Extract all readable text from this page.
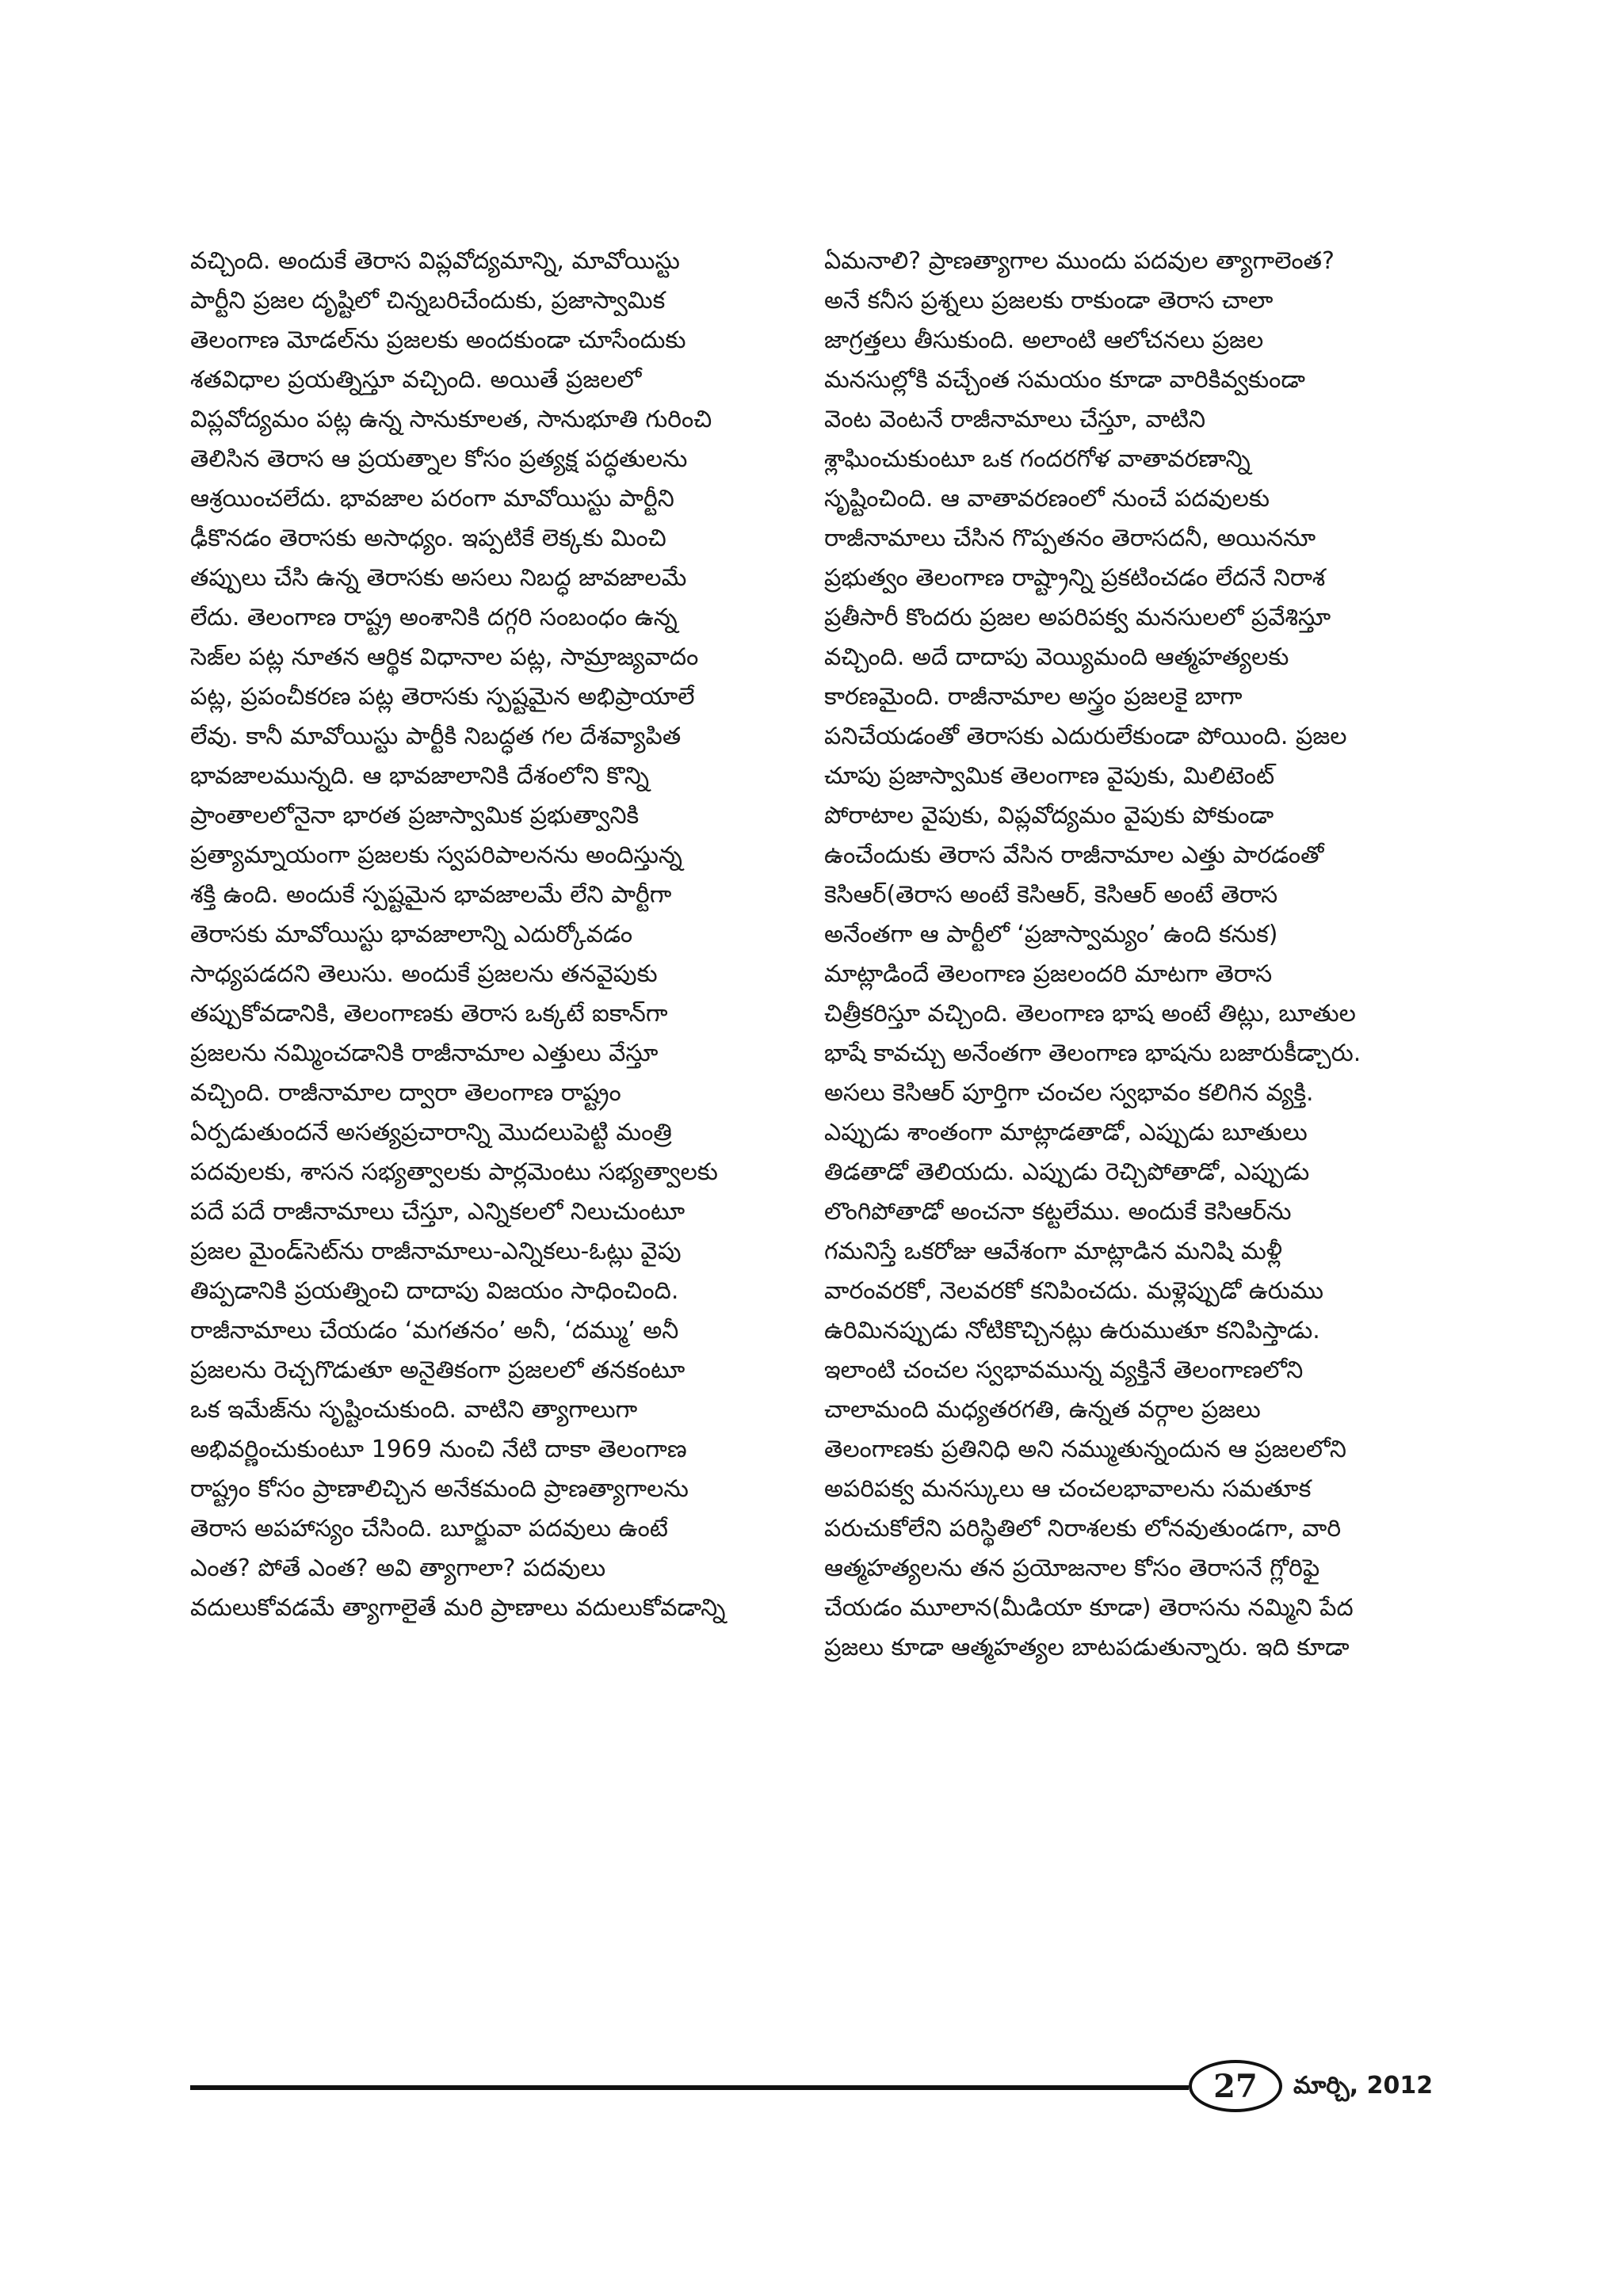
వచ్చింది. అందుకే తెరాస విప్లవోద్యమాన్ని, మావోయిస్టు
పార్టీని ప్రజల దృష్టిలో చిన్నబరిచేందుకు, ప్రజాస్వామిక
తెలంగాణ మోడల్‌ను ప్రజలకు అందకుండా చూసేందుకు
శతవిధాల ప్రయత్నిస్తూ వచ్చింది. అయితే ప్రజలలో
విప్లవోద్యమం పట్ల ఉన్న సానుకూలత, సానుభూతి గురించి
తెలిసిన తెరాస ఆ ప్రయత్నాల కోసం ప్రత్యక్ష పద్ధతులను
ఆశ్రయించలేదు. భావజాల పరంగా మావోయిస్టు పార్టీని
ఢీకొనడం తెరాసకు అసాధ్యం. ఇప్పటికే లెక్కకు మించి
తప్పులు చేసి ఉన్న తెరాసకు అసలు నిబద్ధ జావజాలమే
లేదు. తెలంగాణ రాష్ట్ర అంశానికి దగ్గరి సంబంధం ఉన్న
సెజ్‌ల పట్ల నూతన ఆర్థిక విధానాల పట్ల, సామ్రాజ్యవాదం
పట్ల, ప్రపంచీకరణ పట్ల తెరాసకు స్పష్టమైన అభిప్రాయాలే
లేవు. కానీ మావోయిస్టు పార్టీకి నిబద్ధత గల దేశవ్యాపిత
భావజాలమున్నది. ఆ భావజాలానికి దేశంలోని కొన్ని
ప్రాంతాలలోనైనా భారత ప్రజాస్వామిక ప్రభుత్వానికి
ప్రత్యామ్నాయంగా ప్రజలకు స్వపరిపాలనను అందిస్తున్న
శక్తి ఉంది. అందుకే స్పష్టమైన భావజాలమే లేని పార్టీగా
తెరాసకు మావోయిస్టు భావజాలాన్ని ఎదుర్కోవడం
సాధ్యపడదని తెలుసు. అందుకే ప్రజలను తనవైపుకు
తప్పుకోవడానికి, తెలంగాణకు తెరాస ఒక్కటే ఐకాన్‌గా
ప్రజలను నమ్మించడానికి రాజీనామాల ఎత్తులు వేస్తూ
వచ్చింది. రాజీనామాల ద్వారా తెలంగాణ రాష్ట్రం
ఏర్పడుతుందనే అసత్యప్రచారాన్ని మొదలుపెట్టి మంత్రి
పదవులకు, శాసన సభ్యత్వాలకు పార్లమెంటు సభ్యత్వాలకు
పదే పదే రాజీనామాలు చేస్తూ, ఎన్నికలలో నిలుచుంటూ
ప్రజల మైండ్‌సెట్‌ను రాజీనామాలు-ఎన్నికలు-ఓట్లు వైపు
తిప్పడానికి ప్రయత్నించి దాదాపు విజయం సాధించింది.
రాజీనామాలు చేయడం ‘మగతనం’ అనీ, ‘దమ్ము’ అనీ
ప్రజలను రెచ్చగొడుతూ అనైతికంగా ప్రజలలో తనకంటూ
ఒక ఇమేజ్‌ను సృష్టించుకుంది. వాటిని త్యాగాలుగా
అభివర్ణించుకుంటూ 1969 నుంచి నేటి దాకా తెలంగాణ
రాష్ట్రం కోసం ప్రాణాలిచ్చిన అనేకమంది ప్రాణత్యాగాలను
తెరాస అపహాస్యం చేసింది. బూర్జువా పదవులు ఉంటే
ఎంత? పోతే ఎంత? అవి త్యాగాలా? పదవులు
వదులుకోవడమే త్యాగాలైతే మరి ప్రాణాలు వదులుకోవడాన్ని
ఏమనాలి? ప్రాణత్యాగాల ముందు పదవుల త్యాగాలెంత?
అనే కనీస ప్రశ్నలు ప్రజలకు రాకుండా తెరాస చాలా
జాగ్రత్తలు తీసుకుంది. అలాంటి ఆలోచనలు ప్రజల
మనసుల్లోకి వచ్చేంత సమయం కూడా వారికివ్వకుండా
వెంట వెంటనే రాజీనామాలు చేస్తూ, వాటిని
శ్లాఘించుకుంటూ ఒక గందరగోళ వాతావరణాన్ని
సృష్టించింది. ఆ వాతావరణంలో నుంచే పదవులకు
రాజీనామాలు చేసిన గొప్పతనం తెరాసదనీ, అయిననూ
ప్రభుత్వం తెలంగాణ రాష్ట్రాన్ని ప్రకటించడం లేదనే నిరాశ
ప్రతీసారీ కొందరు ప్రజల అపరిపక్వ మనసులలో ప్రవేశిస్తూ
వచ్చింది. అదే దాదాపు వెయ్యిమంది ఆత్మహత్యలకు
కారణమైంది. రాజీనామాల అస్త్రం ప్రజలకై బాగా
పనిచేయడంతో తెరాసకు ఎదురులేకుండా పోయింది. ప్రజల
చూపు ప్రజాస్వామిక తెలంగాణ వైపుకు, మిలిటెంట్
పోరాటాల వైపుకు, విప్లవోద్యమం వైపుకు పోకుండా
ఉంచేందుకు తెరాస వేసిన రాజీనామాల ఎత్తు పారడంతో
కెసిఆర్(తెరాస అంటే కెసిఆర్, కెసిఆర్ అంటే తెరాస
అనేంతగా ఆ పార్టీలో ‘ప్రజాస్వామ్యం’ ఉంది కనుక)
మాట్లాడిందే తెలంగాణ ప్రజలందరి మాటగా తెరాస
చిత్రీకరిస్తూ వచ్చింది. తెలంగాణ భాష అంటే తిట్లు, బూతుల
భాషే కావచ్చు అనేంతగా తెలంగాణ భాషను బజారుకీడ్చారు.
అసలు కెసిఆర్ పూర్తిగా చంచల స్వభావం కలిగిన వ్యక్తి.
ఎప్పుడు శాంతంగా మాట్లాడతాడో, ఎప్పుడు బూతులు
తిడతాడో తెలియదు. ఎప్పుడు రెచ్చిపోతాడో, ఎప్పుడు
లొంగిపోతాడో అంచనా కట్టలేము. అందుకే కెసిఆర్‌ను
గమనిస్తే ఒకరోజు ఆవేశంగా మాట్లాడిన మనిషి మళ్లీ
వారంవరకో, నెలవరకో కనిపించదు. మళ్లెప్పుడో ఉరుము
ఉరిమినప్పుడు నోటికొచ్చినట్లు ఉరుముతూ కనిపిస్తాడు.
ఇలాంటి చంచల స్వభావమున్న వ్యక్తినే తెలంగాణలోని
చాలామంది మధ్యతరగతి, ఉన్నత వర్గాల ప్రజలు
తెలంగాణకు ప్రతినిధి అని నమ్ముతున్నందున ఆ ప్రజలలోని
అపరిపక్వ మనస్కులు ఆ చంచలభావాలను సమతూక
పరుచుకోలేని పరిస్థితిలో నిరాశలకు లోనవుతుండగా, వారి
ఆత్మహత్యలను తన ప్రయోజనాల కోసం తెరాసనే గ్లోరిఫై
చేయడం మూలాన(మీడియా కూడా) తెరాసను నమ్మిని పేద
ప్రజలు కూడా ఆత్మహత్యల బాటపడుతున్నారు. ఇది కూడా
27	మార్చి, 2012
